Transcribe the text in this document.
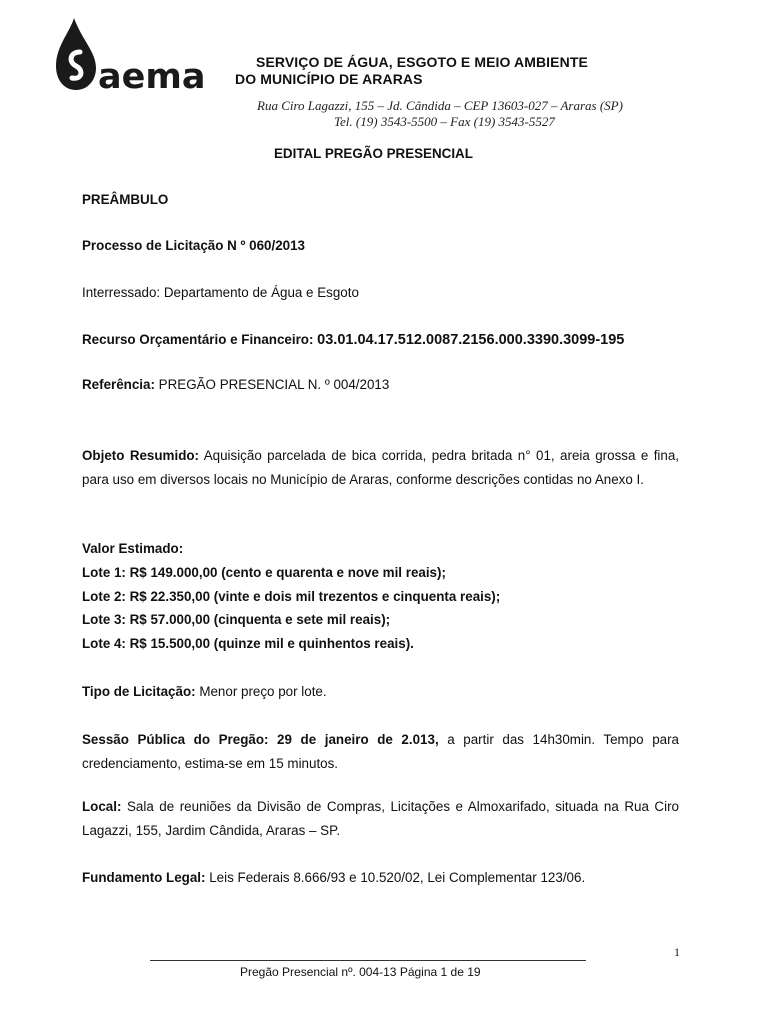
aema	SERVIÇO DE ÁGUA, ESGOTO E MEIO AMBIENTE
DO MUNICÍPIO DE ARARAS
Rua Ciro Lagazzi, 155 – Jd. Cândida – CEP 13603-027 – Araras (SP)
Tel. (19) 3543-5500 – Fax (19) 3543-5527
EDITAL PREGÃO PRESENCIAL
PREÂMBULO
Processo de Licitação N º 060/2013
Interressado: Departamento de Água e Esgoto
Recurso Orçamentário e Financeiro: 03.01.04.17.512.0087.2156.000.3390.3099-195
Referência: PREGÃO PRESENCIAL N. º 004/2013
Objeto Resumido: Aquisição parcelada de bica corrida, pedra britada n° 01, areia grossa e fina, para uso em diversos locais no Município de Araras, conforme descrições contidas no Anexo I.
Valor Estimado:
Lote 1: R$ 149.000,00 (cento e quarenta e nove mil reais);
Lote 2: R$ 22.350,00 (vinte e dois mil trezentos e cinquenta reais);
Lote 3: R$ 57.000,00 (cinquenta e sete mil reais);
Lote 4: R$ 15.500,00 (quinze mil e quinhentos reais).
Tipo de Licitação: Menor preço por lote.
Sessão Pública do Pregão: 29 de janeiro de 2.013, a partir das 14h30min. Tempo para credenciamento, estima-se em 15 minutos.
Local: Sala de reuniões da Divisão de Compras, Licitações e Almoxarifado, situada na Rua Ciro Lagazzi, 155, Jardim Cândida, Araras – SP.
Fundamento Legal: Leis Federais 8.666/93 e 10.520/02, Lei Complementar 123/06.
1
Pregão Presencial nº. 004-13 Página 1 de 19
